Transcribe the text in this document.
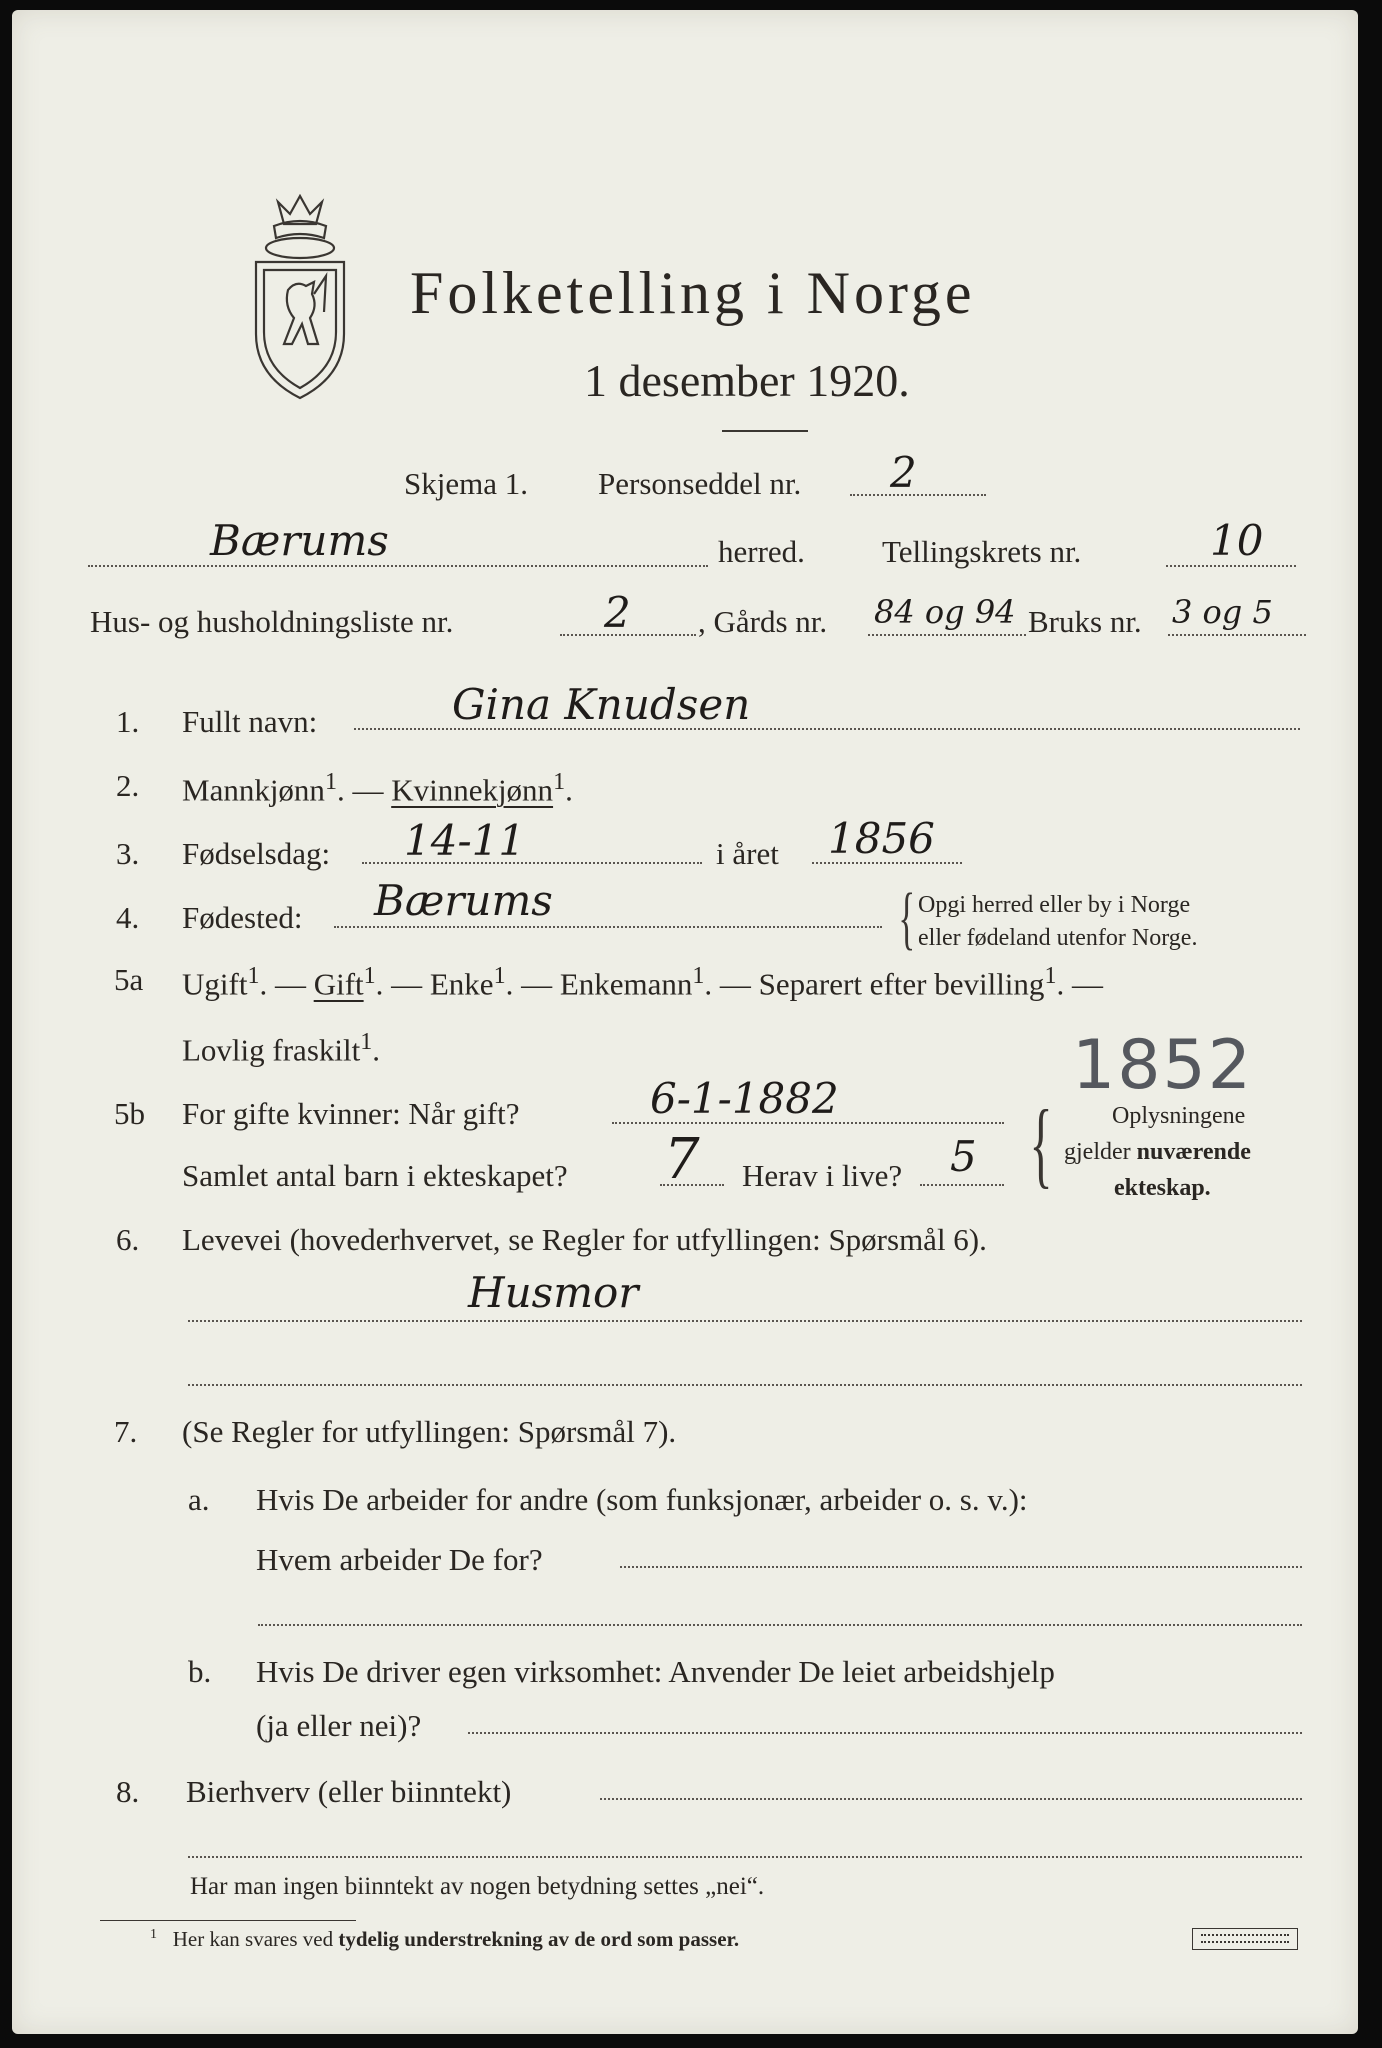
Folketelling i Norge
1 desember 1920.
Skjema 1. Personseddel nr. 2
Bærums	herred. Tellingskrets nr.	10
Hus- og husholdningsliste nr.	2 , Gårds nr. 84 og 94 Bruks nr. 3 og 5
1. Fullt navn:	Gina Knudsen
2. Mannkjønn$^1$. — Kvinnekjønn$^1$.
3. Fødselsdag: 14-11	i året 1856
4. Fødested: Bærums	{ Opgi herred eller by i Norge
eller fødeland utenfor Norge.
5a Ugift$^1$. — Gift$^1$. — Enke$^1$. — Enkemann$^1$. — Separert efter bevilling$^1$. —
Lovlig fraskilt$^1$.	1852
5b For gifte kvinner: Når gift?	6-1-1882
Samlet antal barn i ekteskapet? 7 Herav i live? 5 { Oplysningene
gjelder nuværende
ekteskap.
6. Levevei (hovederhvervet, se Regler for utfyllingen: Spørsmål 6).
Husmor
7. (Se Regler for utfyllingen: Spørsmål 7).
a. Hvis De arbeider for andre (som funksjonær, arbeider o. s. v.):
Hvem arbeider De for?
b. Hvis De driver egen virksomhet: Anvender De leiet arbeidshjelp
(ja eller nei)?
8. Bierhverv (eller biinntekt)
Har man ingen biinntekt av nogen betydning settes „nei“.
$^1$ Her kan svares ved tydelig understrekning av de ord som passer.
